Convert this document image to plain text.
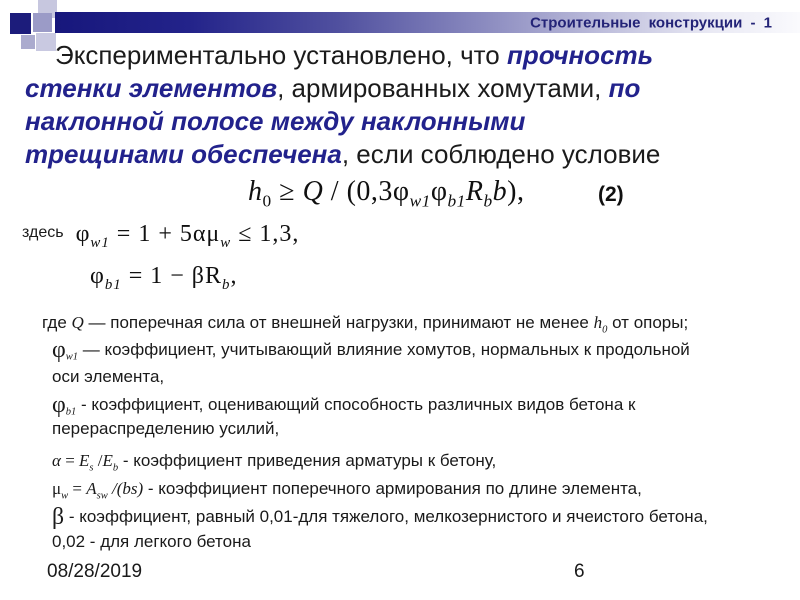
Строительные конструкции - 1
Экспериментально установлено, что прочность
стенки элементов, армированных хомутами, по
наклонной полосе между наклонными
трещинами обеспечена, если соблюдено условие
$h_0 \ge Q / (0,3\varphi_{w1}\varphi_{b1}R_bb)$,	(2)
здесь $\varphi_{w1} = 1 + 5\alpha\mu_w \le 1,3$,
$\varphi_{b1} = 1 - \beta R_b$,
где Q — поперечная сила от внешней нагрузки, принимают не менее $h_0$ от опоры;
$\varphi_{w1}$ — коэффициент, учитывающий влияние хомутов, нормальных к продольной
оси элемента,
$\varphi_{b1}$ - коэффициент, оценивающий способность различных видов бетона к
перераспределению усилий,
$\alpha = E_s$ $/E_b$ - коэффициент приведения арматуры к бетону,
$\mu_w = A_{sw}$ /(bs) - коэффициент поперечного армирования по длине элемента,
β - коэффициент, равный 0,01-для тяжелого, мелкозернистого и ячеистого бетона,
0,02 - для легкого бетона
08/28/2019	6
